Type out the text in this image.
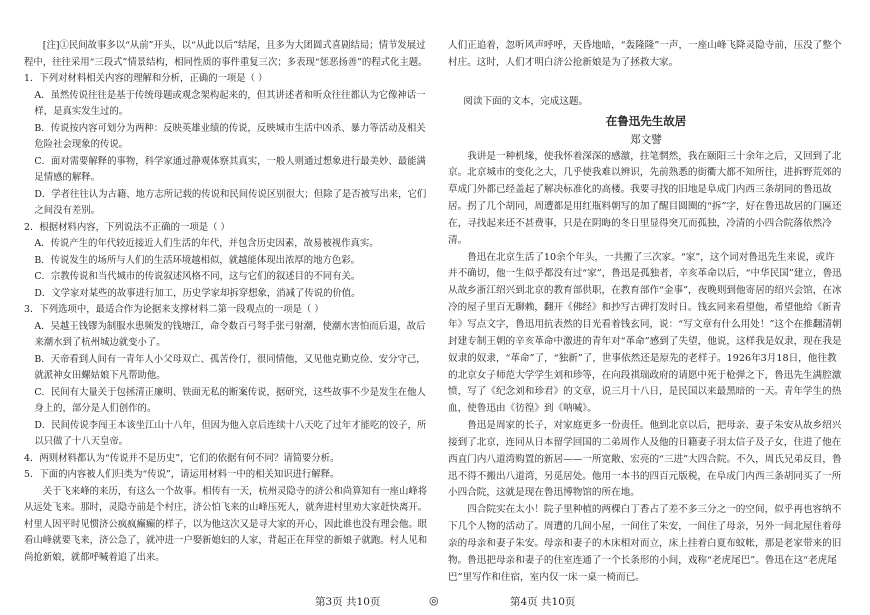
[注]①民间故事多以“从前”开头，以“从此以后”结尾，且多为大团圆式喜剧结局；情节发展过程中，往往采用“三段式”情景结构，相同性质的事件重复三次；多表现“惩恶扬善”的程式化主题。

1．下列对材料相关内容的理解和分析，正确的一项是（ ）

A．虽然传说往往是基于传统母题或观念架构起来的，但其讲述者和听众往往都认为它像神话一样，是真实发生过的。

B．传说按内容可划分为两种：反映英雄业绩的传说，反映城市生活中凶杀、暴力等活动及相关危险社会现象的传说。

C．面对需要解释的事物，科学家通过静观体察其真实，一般人则通过想象进行最美妙、最能满足情感的解释。

D．学者往往认为古籍、地方志所记载的传说和民间传说区别很大；但除了是否被写出来，它们之间没有差别。

2．根据材料内容，下列说法不正确的一项是（ ）

A．传说产生的年代较近接近人们生活的年代，并包含历史因素，故易被视作真实。

B．传说发生的场所与人们的生活环境越相似，就越能体现出浓厚的地方色彩。

C．宗教传说和当代城市的传说叙述风格不同，这与它们的叙述目的不同有关。

D．文学家对某些的故事进行加工，历史学家却拆穿想象，消减了传说的价值。

3．下列选项中，最适合作为论据来支撑材料二第一段观点的一项是（ ）

A．吴越王钱镠为制服水患频发的钱塘江，命令数百弓弩手张弓射潮，使潮水害怕而后退，故后来潮水到了杭州城边就变小了。

B．天帝看到人间有一青年人小父母双亡、孤苦伶仃，很同情他，又见他克勤克俭、安分守己，就派神女田螺姑娘下凡帮助他。

C．民间有大量关于包拯清正廉明、铁面无私的断案传说，据研究，这些故事不少是发生在他人身上的，部分是人们创作的。

D．民间传说李闯王本该坐江山十八年，但因为他入京后连续十八天吃了过年才能吃的饺子，所以只做了十八天皇帝。

4．两则材料都认为“传说并不是历史”，它们的依据有何不同？请简要分析。

5．下面的内容被人们归类为“传说”，请运用材料一中的相关知识进行解释。

关于飞来峰的来历，有这么一个故事。相传有一天，杭州灵隐寺的济公和尚算知有一座山峰将从远处飞来。那时，灵隐寺前是个村庄，济公怕飞来的山峰压死人，就奔进村里劝大家赶快离开。村里人因平时见惯济公疯疯癫癫的样子，以为他这次又是寻大家的开心，因此谁也没有理会他。眼看山峰就要飞来，济公急了，就冲进一户娶新媳妇的人家，背起正在拜堂的新娘子就跑。村人见和尚抢新娘，就都呼喊着追了出来。

人们正追着，忽听风声呼呼，天昏地暗，“轰隆隆”一声，一座山峰飞降灵隐寺前，压没了整个村庄。这时，人们才明白济公抢新娘是为了拯救大家。

阅读下面的文本，完成这题。

在鲁迅先生故居

郑文譬

我讲是一种机缘，使我怀着深深的感激，拄笔惘然，我在颐阳三十余年之后，又回到了北京。北京城市的变化之大，几乎使我难以辨识，先前熟悉的街衢大都不知所往，进拆野荒郊的草成门外都已经盖起了解决标准化的高楼。我要寻找的旧地是阜成门内西三条胡同的鲁迅故居。拐了几个胡同，周遭都是用红瓶料朝写的加了醒目圆圈的“拆”字，好在鲁迅故居的门匾还在，寻找起来还不甚费事，只是在阴晦的冬日里显得突兀而孤独，冷清的小四合院落依然冷清。

鲁迅在北京生活了10余个年头，一共搬了三次家。“家”，这个词对鲁迅先生来说，或许并不确切，他一生似乎都没有过“家”，鲁迅是孤独者，辛亥革命以后，“中华民国”建立，鲁迅从故乡浙江绍兴到北京的教育部供职，在教育部作“金事”，夜晚则到他寄居的绍兴会馆，在冰冷的屋子里百无聊赖，翻开《佛经》和抄写古碑打发时日。钱玄同来看望他，希望他给《新青年》写点文字，鲁迅用抗表然的目光看着钱玄同，说：“写文章有什么用处！”这个在推翻清朝封建专制王朝的辛亥革命中激进的青年对“革命”感到了失望，他说，这样我是奴隶，现在我是奴隶的奴隶，“革命”了，“独新”了，世事依然还是原先的老样子。1926年3月18日，他往教的北京女子师范大学学生刘和珍等，在向段祺瑞政府的请愿中死于枪弹之下，鲁迅先生满腔激愤，写了《纪念刘和珍君》的文章，说三月十八日，是民国以来最黑暗的一天。青年学生的热血，使鲁迅由《彷徨》到《呐喊》。

鲁迅是周家的长子，对家庭更多一份责任。他到北京以后，把母亲、妻子朱安从故乡绍兴接到了北京，连同从日本留学回国的二弟周作人及他的日籍妻子羽太信子及子女，住进了他在西直门内八道湾购置的新居——一所宽敞、宏亮的“三进”大四合院。不久，周氏兄弟反目，鲁迅不得不搬出八道湾，另觅居处。他用一本书的四百元版税，在阜成门内西三条胡同买了一所小四合院，这就是现在鲁迅博物馆的所在地。

四合院实在太小！院子里种植的两棵白丁香占了差不多三分之一的空间，似乎再也容纳不下几个人物的活动了。周遭的几间小屋，一间住了朱安，一间住了母亲，另外一间北屋住着母亲的母亲和妻子朱安。母亲和妻子的木床相对而立，床上挂着白夏布蚊帐，那是老家带来的旧物。鲁迅把母亲和妻子的住室连通了一个长条形的小间，戏称“老虎尾巴”。鲁迅在这“老虎尾巴”里写作和住宿，室内仅一床一桌一椅而已。

第3页 共10页	◎	第4页 共10页
